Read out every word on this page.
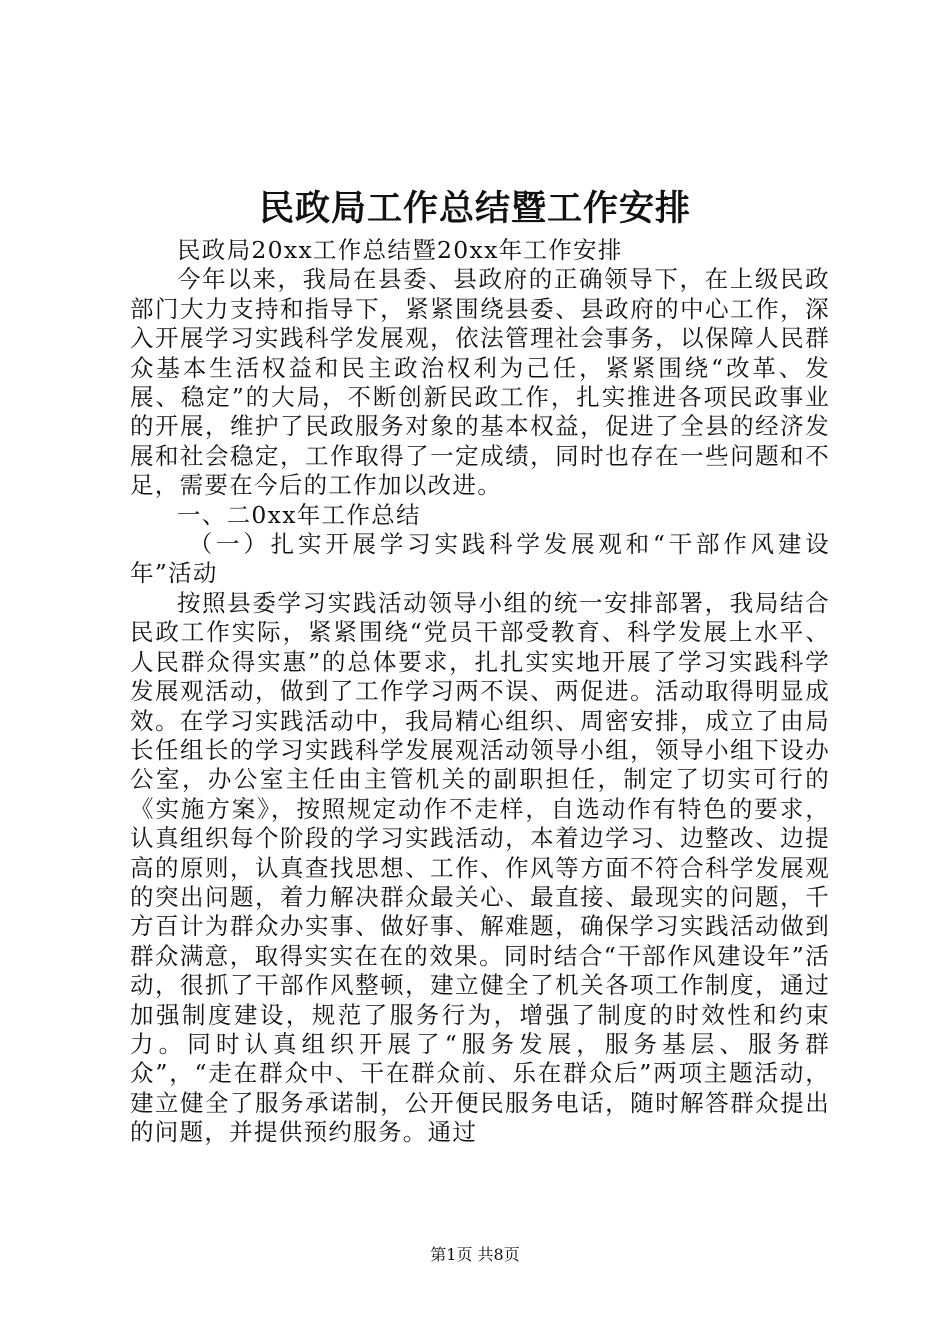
民政局工作总结暨工作安排

民政局20xx工作总结暨20xx年工作安排

今年以来，我局在县委、县政府的正确领导下，在上级民政部门大力支持和指导下，紧紧围绕县委、县政府的中心工作，深入开展学习实践科学发展观，依法管理社会事务，以保障人民群众基本生活权益和民主政治权利为己任，紧紧围绕“改革、发展、稳定”的大局，不断创新民政工作，扎实推进各项民政事业的开展，维护了民政服务对象的基本权益，促进了全县的经济发展和社会稳定，工作取得了一定成绩，同时也存在一些问题和不足，需要在今后的工作加以改进。

一、二0xx年工作总结

（一）扎实开展学习实践科学发展观和“干部作风建设年”活动

按照县委学习实践活动领导小组的统一安排部署，我局结合民政工作实际，紧紧围绕“党员干部受教育、科学发展上水平、人民群众得实惠”的总体要求，扎扎实实地开展了学习实践科学发展观活动，做到了工作学习两不误、两促进。活动取得明显成效。在学习实践活动中，我局精心组织、周密安排，成立了由局长任组长的学习实践科学发展观活动领导小组，领导小组下设办公室，办公室主任由主管机关的副职担任，制定了切实可行的《实施方案》，按照规定动作不走样，自选动作有特色的要求，认真组织每个阶段的学习实践活动，本着边学习、边整改、边提高的原则，认真查找思想、工作、作风等方面不符合科学发展观的突出问题，着力解决群众最关心、最直接、最现实的问题，千方百计为群众办实事、做好事、解难题，确保学习实践活动做到群众满意，取得实实在在的效果。同时结合“干部作风建设年”活动，很抓了干部作风整顿，建立健全了机关各项工作制度，通过加强制度建设，规范了服务行为，增强了制度的时效性和约束力。同时认真组织开展了“服务发展，服务基层、服务群众”，“走在群众中、干在群众前、乐在群众后”两项主题活动，建立健全了服务承诺制，公开便民服务电话，随时解答群众提出的问题，并提供预约服务。通过

第1页 共8页
